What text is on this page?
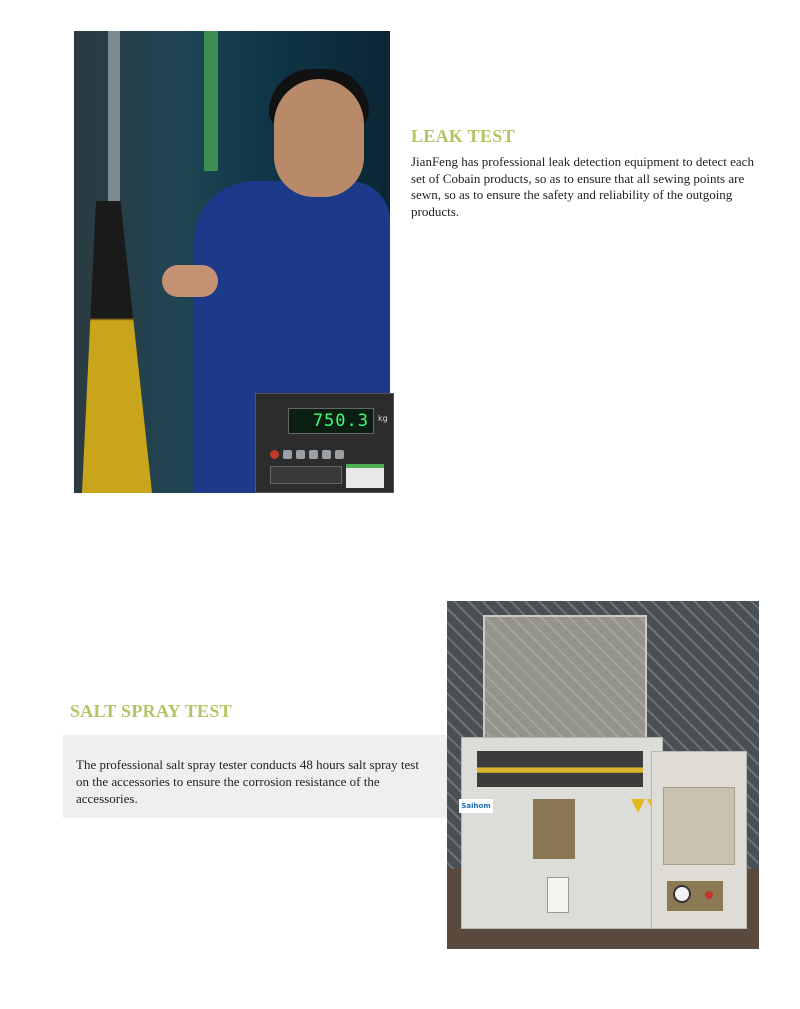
750.3	kg
LEAK TEST

JianFeng has professional leak detection equipment to detect each set of Cobain products, so as to ensure that all sewing points are sewn, so as to ensure the safety and reliability of the outgoing products.

SALT SPRAY TEST

The professional salt spray tester conducts 48 hours salt spray test on the accessories to ensure the corrosion resistance of the accessories.	Saihom
